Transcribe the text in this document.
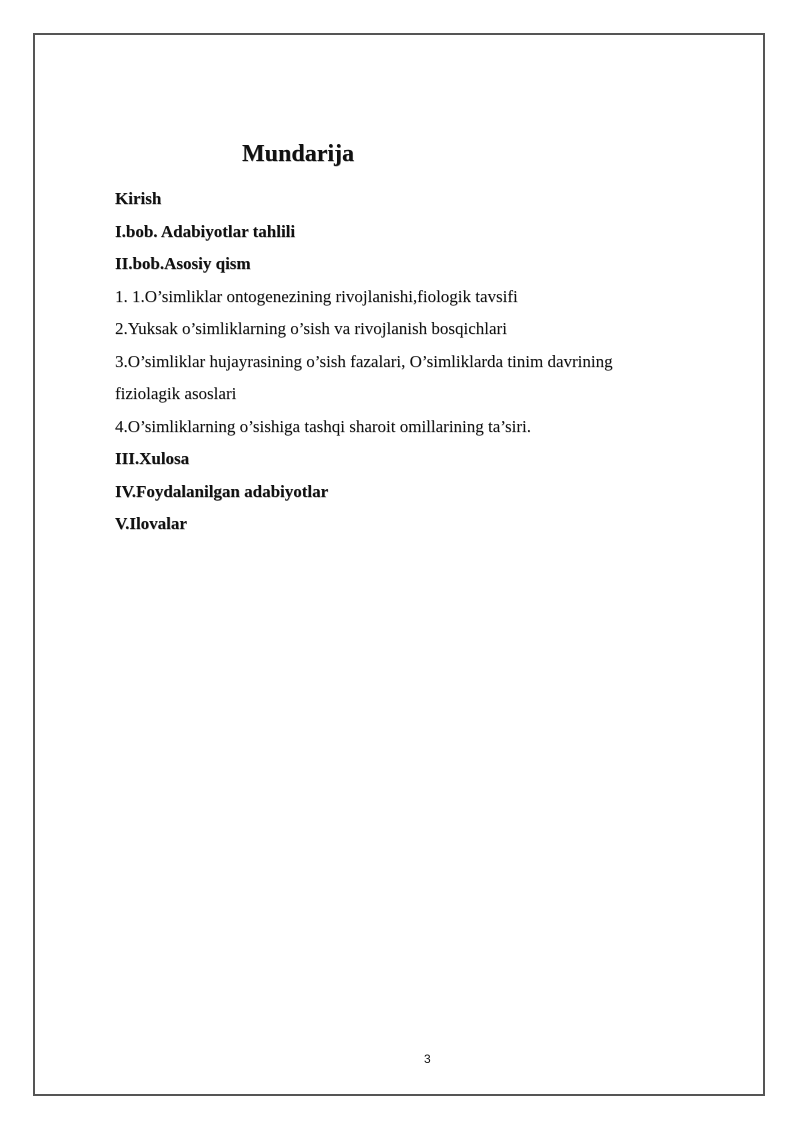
Mundarija
Kirish
I.bob. Adabiyotlar tahlili
II.bob.Asosiy qism
1. 1.O’simliklar ontogenezining rivojlanishi,fiologik tavsifi
2.Yuksak o’simliklarning o’sish va rivojlanish bosqichlari
3.O’simliklar hujayrasining o’sish fazalari, O’simliklarda tinim davrining
fiziolagik asoslari
4.O’simliklarning o’sishiga tashqi sharoit omillarining ta’siri.
III.Xulosa
IV.Foydalanilgan adabiyotlar
V.Ilovalar
3
